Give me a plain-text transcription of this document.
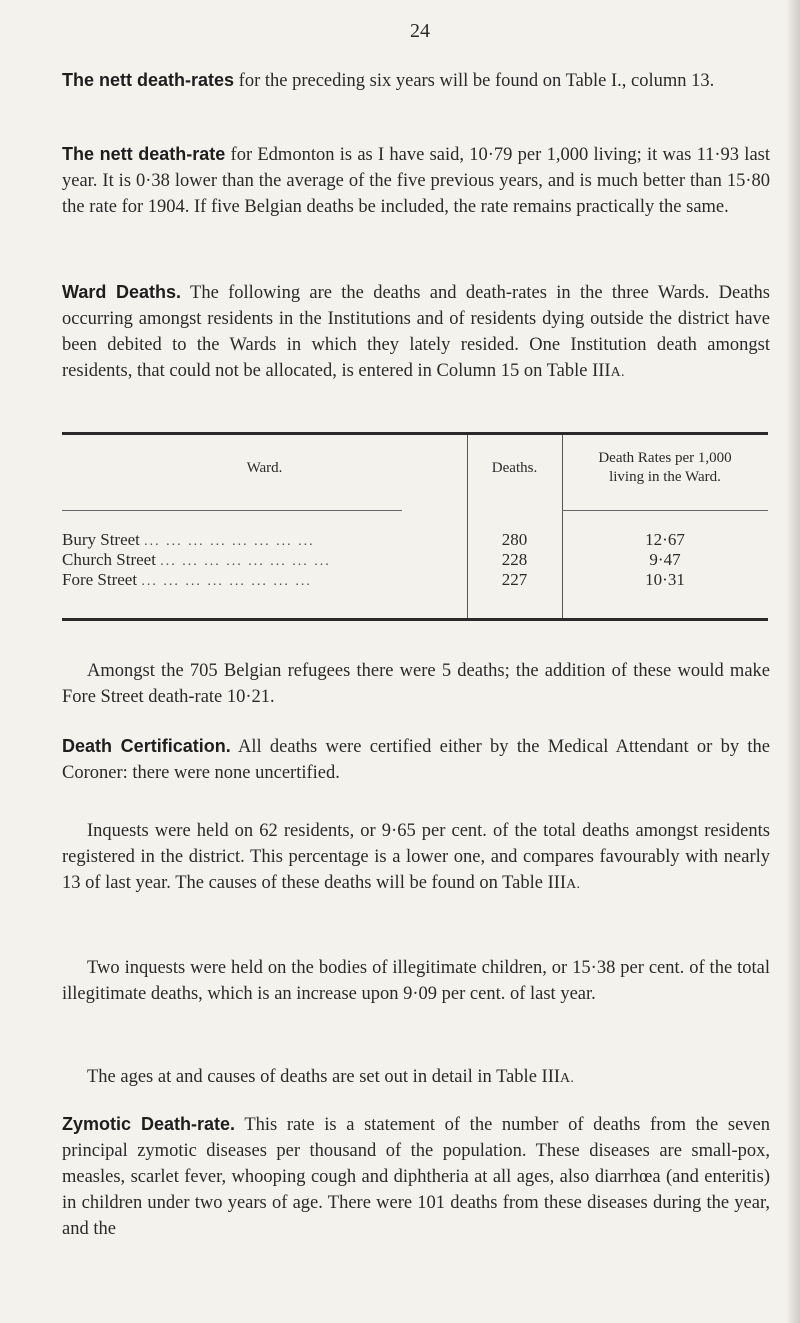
24

The nett death-rates for the preceding six years will be found on Table I., column 13.

The nett death-rate for Edmonton is as I have said, 10·79 per 1,000 living; it was 11·93 last year. It is 0·38 lower than the average of the five previous years, and is much better than 15·80 the rate for 1904. If five Belgian deaths be included, the rate remains practically the same.

Ward Deaths. The following are the deaths and death-rates in the three Wards. Deaths occurring amongst residents in the Institutions and of residents dying outside the district have been debited to the Wards in which they lately resided. One Institution death amongst residents, that could not be allocated, is entered in Column 15 on Table IIIA.

Ward.	Deaths.
Death Rates per 1,000
living in the Ward.
Bury Street ... ... ... ... ... ... ... ...	280	12·67
Church Street ... ... ... ... ... ... ... ...	228	9·47
Fore Street ... ... ... ... ... ... ... ...	227	10·31

Amongst the 705 Belgian refugees there were 5 deaths; the addition of these would make Fore Street death-rate 10·21.

Death Certification. All deaths were certified either by the Medical Attendant or by the Coroner: there were none uncertified.

Inquests were held on 62 residents, or 9·65 per cent. of the total deaths amongst residents registered in the district. This percentage is a lower one, and compares favourably with nearly 13 of last year. The causes of these deaths will be found on Table IIIA.

Two inquests were held on the bodies of illegitimate children, or 15·38 per cent. of the total illegitimate deaths, which is an increase upon 9·09 per cent. of last year.

The ages at and causes of deaths are set out in detail in Table IIIA.

Zymotic Death-rate. This rate is a statement of the number of deaths from the seven principal zymotic diseases per thousand of the population. These diseases are small-pox, measles, scarlet fever, whooping cough and diphtheria at all ages, also diarrhœa (and enteritis) in children under two years of age. There were 101 deaths from these diseases during the year, and the
